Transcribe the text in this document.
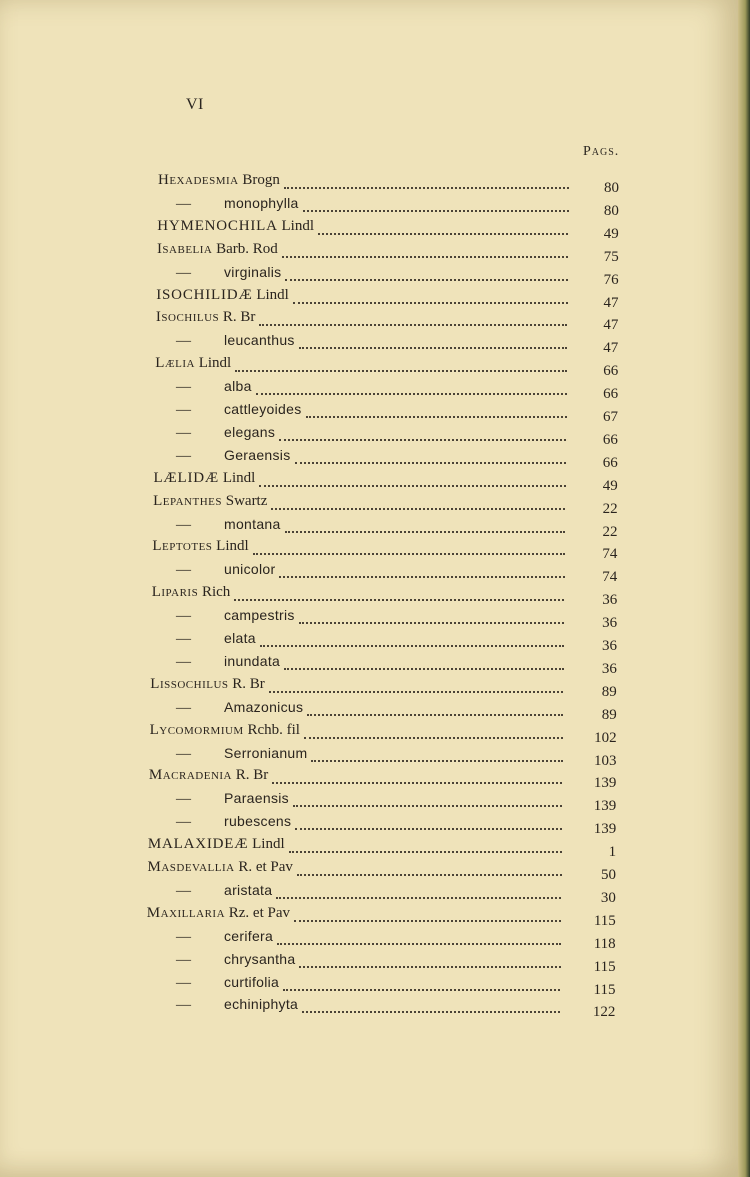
VI
Pags.
Hexadesmia Brogn	80
—	monophylla	80
HYMENOCHILA Lindl	49
Isabelia Barb. Rod	75
—	virginalis	76
ISOCHILIDÆ Lindl	47
Isochilus R. Br	47
—	leucanthus	47
Lælia Lindl	66
—	alba	66
—	cattleyoides	67
—	elegans	66
—	Geraensis	66
LÆLIDÆ Lindl	49
Lepanthes Swartz	22
—	montana	22
Leptotes Lindl	74
—	unicolor	74
Liparis Rich	36
—	campestris	36
—	elata	36
—	inundata	36
Lissochilus R. Br	89
—	Amazonicus	89
Lycomormium Rchb. fil	102
—	Serronianum	103
Macradenia R. Br	139
—	Paraensis	139
—	rubescens	139
MALAXIDEÆ Lindl	1
Masdevallia R. et Pav	50
—	aristata	30
Maxillaria Rz. et Pav	115
—	cerifera	118
—	chrysantha	115
—	curtifolia	115
—	echiniphyta	122
